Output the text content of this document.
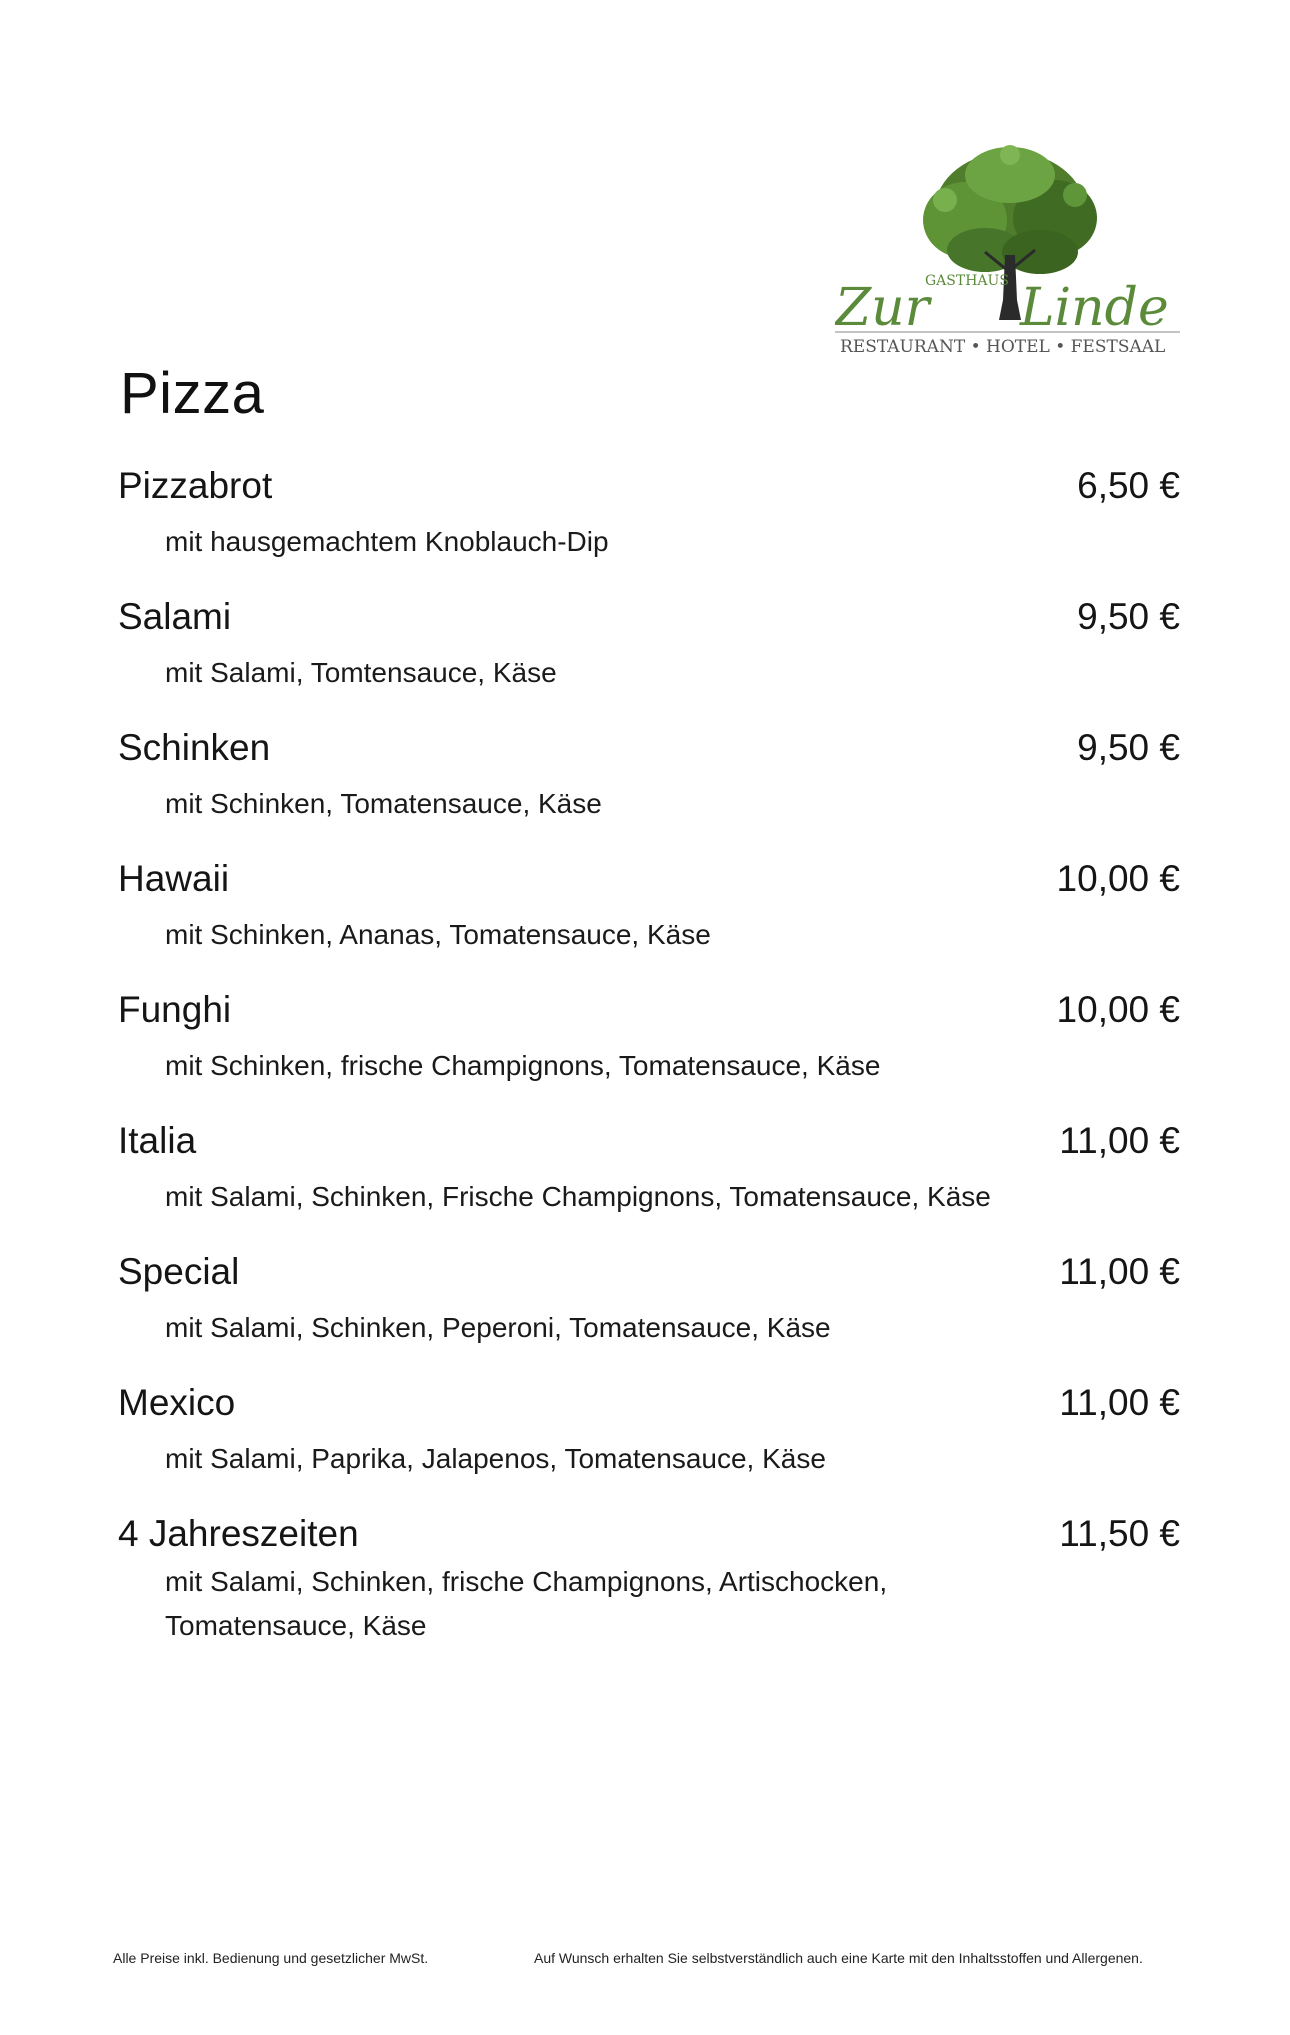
GASTHAUS
Zur Linde
RESTAURANT • HOTEL • FESTSAAL
Pizza
Pizzabrot	6,50 €
mit hausgemachtem Knoblauch-Dip
Salami	9,50 €
mit Salami, Tomtensauce, Käse
Schinken	9,50 €
mit Schinken, Tomatensauce, Käse
Hawaii	10,00 €
mit Schinken, Ananas, Tomatensauce, Käse
Funghi	10,00 €
mit Schinken, frische Champignons, Tomatensauce, Käse
Italia	11,00 €
mit Salami, Schinken, Frische Champignons, Tomatensauce, Käse
Special	11,00 €
mit Salami, Schinken, Peperoni, Tomatensauce, Käse
Mexico	11,00 €
mit Salami, Paprika, Jalapenos, Tomatensauce, Käse
4 Jahreszeiten	11,50 €
mit Salami, Schinken, frische Champignons, Artischocken,
Tomatensauce, Käse
Alle Preise inkl. Bedienung und gesetzlicher MwSt.	Auf Wunsch erhalten Sie selbstverständlich auch eine Karte mit den Inhaltsstoffen und Allergenen.
